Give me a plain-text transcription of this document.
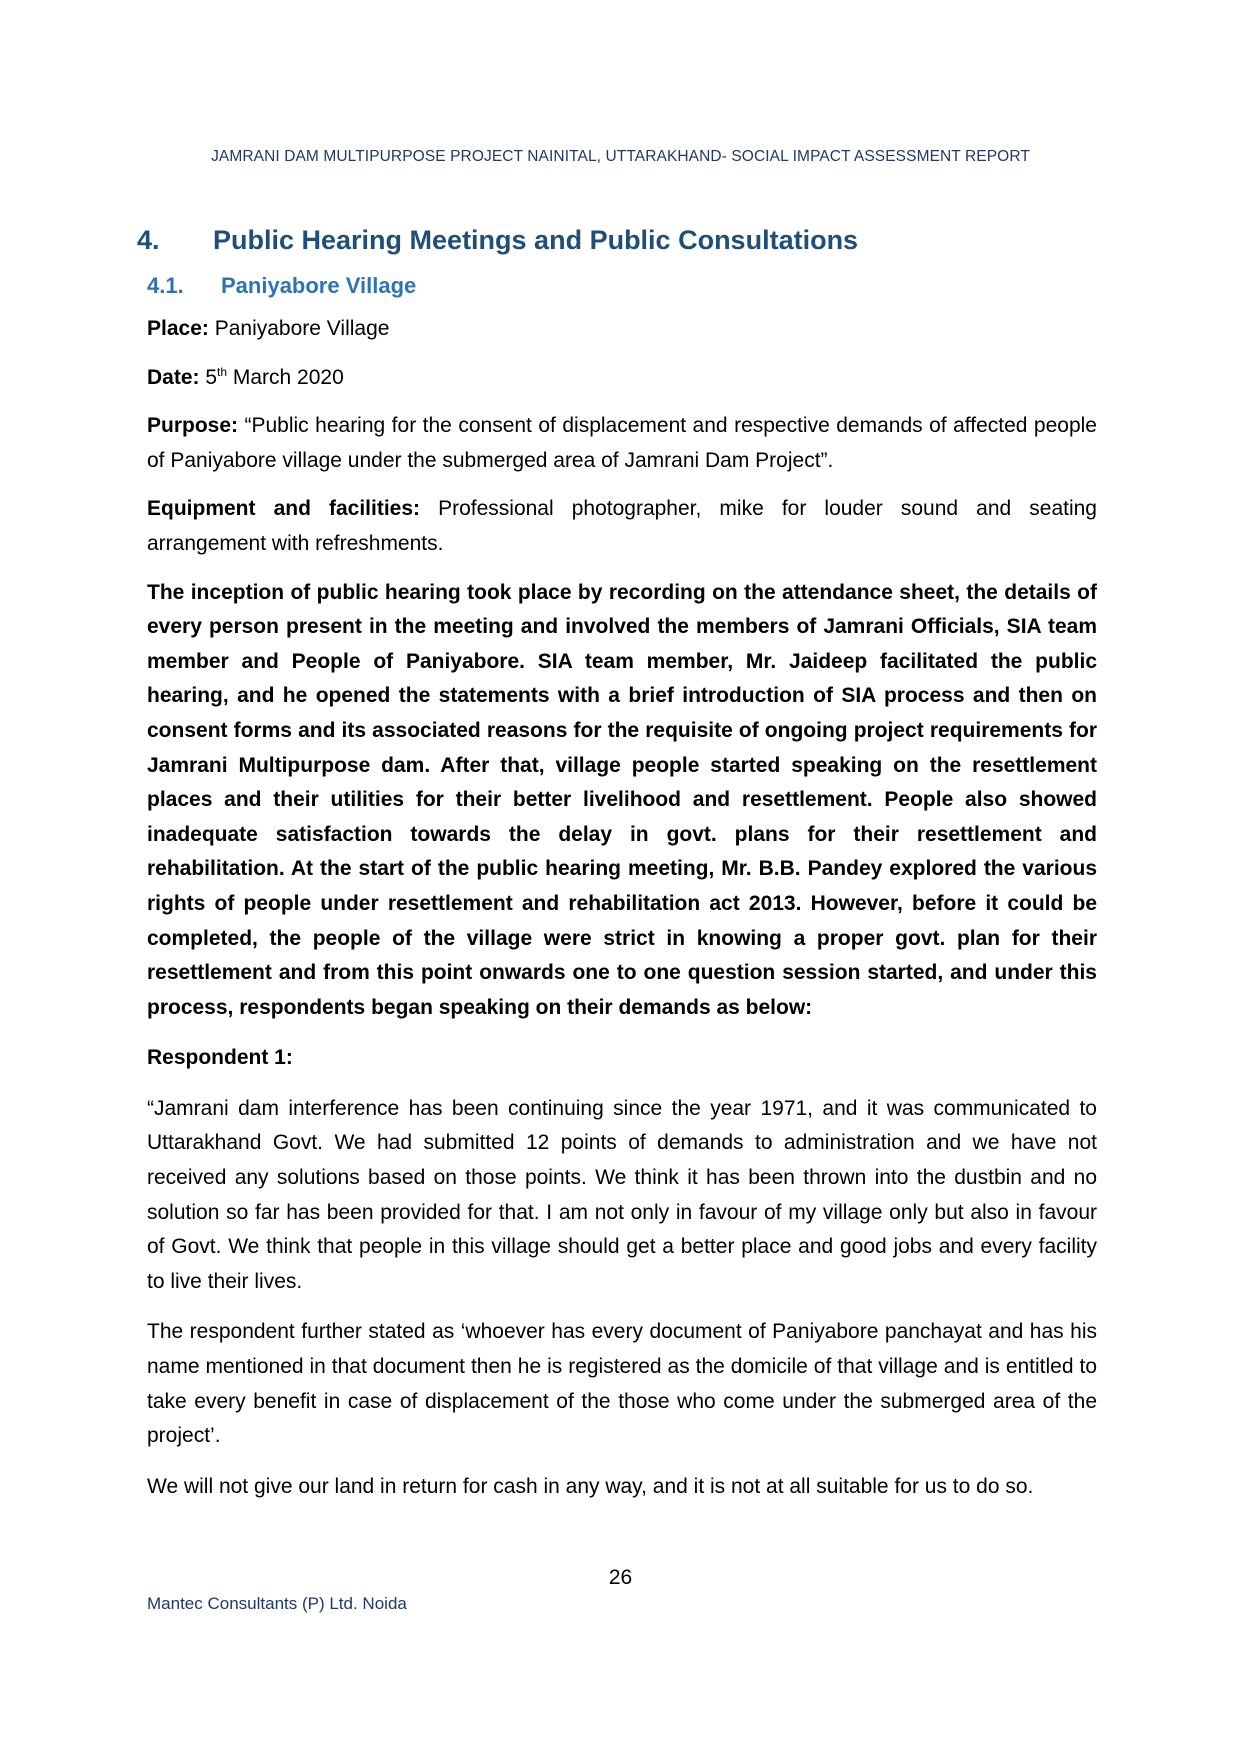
JAMRANI DAM MULTIPURPOSE PROJECT NAINITAL, UTTARAKHAND- SOCIAL IMPACT ASSESSMENT REPORT
4.	Public Hearing Meetings and Public Consultations
4.1.	Paniyabore Village

Place: Paniyabore Village

Date: 5th March 2020

Purpose: “Public hearing for the consent of displacement and respective demands of affected people of Paniyabore village under the submerged area of Jamrani Dam Project”.

Equipment and facilities: Professional photographer, mike for louder sound and seating arrangement with refreshments.

The inception of public hearing took place by recording on the attendance sheet, the details of every person present in the meeting and involved the members of Jamrani Officials, SIA team member and People of Paniyabore. SIA team member, Mr. Jaideep facilitated the public hearing, and he opened the statements with a brief introduction of SIA process and then on consent forms and its associated reasons for the requisite of ongoing project requirements for Jamrani Multipurpose dam. After that, village people started speaking on the resettlement places and their utilities for their better livelihood and resettlement. People also showed inadequate satisfaction towards the delay in govt. plans for their resettlement and rehabilitation. At the start of the public hearing meeting, Mr. B.B. Pandey explored the various rights of people under resettlement and rehabilitation act 2013. However, before it could be completed, the people of the village were strict in knowing a proper govt. plan for their resettlement and from this point onwards one to one question session started, and under this process, respondents began speaking on their demands as below:

Respondent 1:

“Jamrani dam interference has been continuing since the year 1971, and it was communicated to Uttarakhand Govt. We had submitted 12 points of demands to administration and we have not received any solutions based on those points. We think it has been thrown into the dustbin and no solution so far has been provided for that. I am not only in favour of my village only but also in favour of Govt. We think that people in this village should get a better place and good jobs and every facility to live their lives.

The respondent further stated as ‘whoever has every document of Paniyabore panchayat and has his name mentioned in that document then he is registered as the domicile of that village and is entitled to take every benefit in case of displacement of the those who come under the submerged area of the project’.

We will not give our land in return for cash in any way, and it is not at all suitable for us to do so.

26
Mantec Consultants (P) Ltd. Noida
